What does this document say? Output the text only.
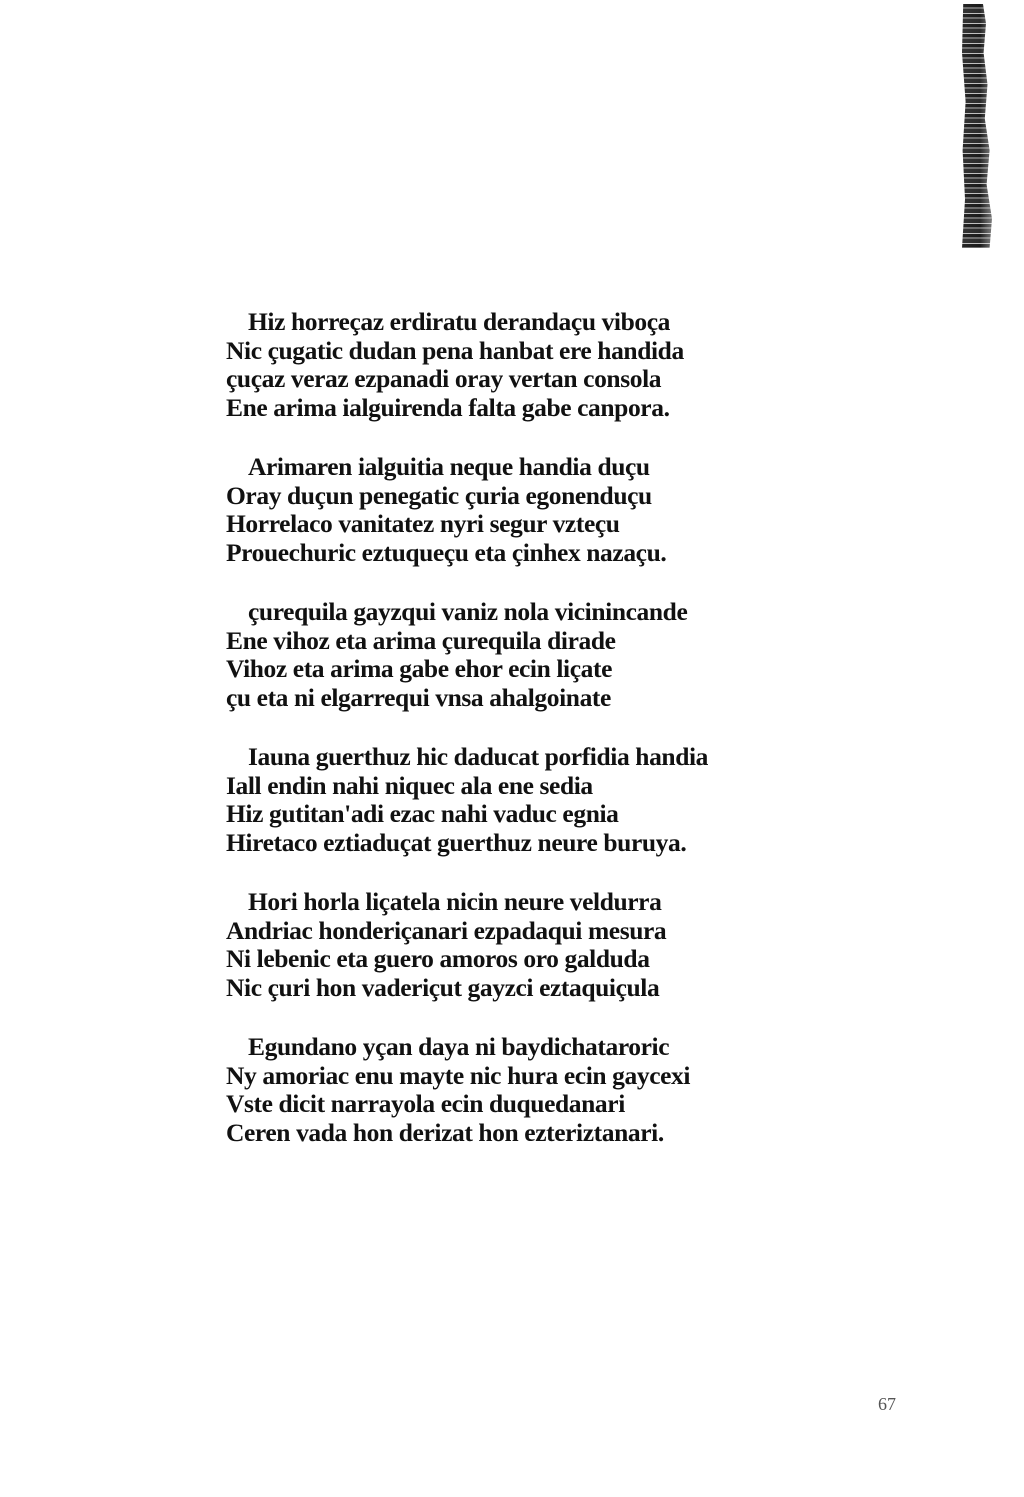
Hiz horreçaz erdiratu derandaçu viboça
Nic çugatic dudan pena hanbat ere handida
çuçaz veraz ezpanadi oray vertan consola
Ene arima ialguirenda falta gabe canpora.
Arimaren ialguitia neque handia duçu
Oray duçun penegatic çuria egonenduçu
Horrelaco vanitatez nyri segur vzteçu
Prouechuric eztuqueçu eta çinhex nazaçu.
çurequila gayzqui vaniz nola vicinincande
Ene vihoz eta arima çurequila dirade
Vihoz eta arima gabe ehor ecin liçate
çu eta ni elgarrequi vnsa ahalgoinate
Iauna guerthuz hic daducat porfidia handia
Iall endin nahi niquec ala ene sedia
Hiz gutitan'adi ezac nahi vaduc egnia
Hiretaco eztiaduçat guerthuz neure buruya.
Hori horla liçatela nicin neure veldurra
Andriac honderiçanari ezpadaqui mesura
Ni lebenic eta guero amoros oro galduda
Nic çuri hon vaderiçut gayzci eztaquiçula
Egundano yçan daya ni baydichataroric
Ny amoriac enu mayte nic hura ecin gaycexi
Vste dicit narrayola ecin duquedanari
Ceren vada hon derizat hon ezteriztanari.
67
